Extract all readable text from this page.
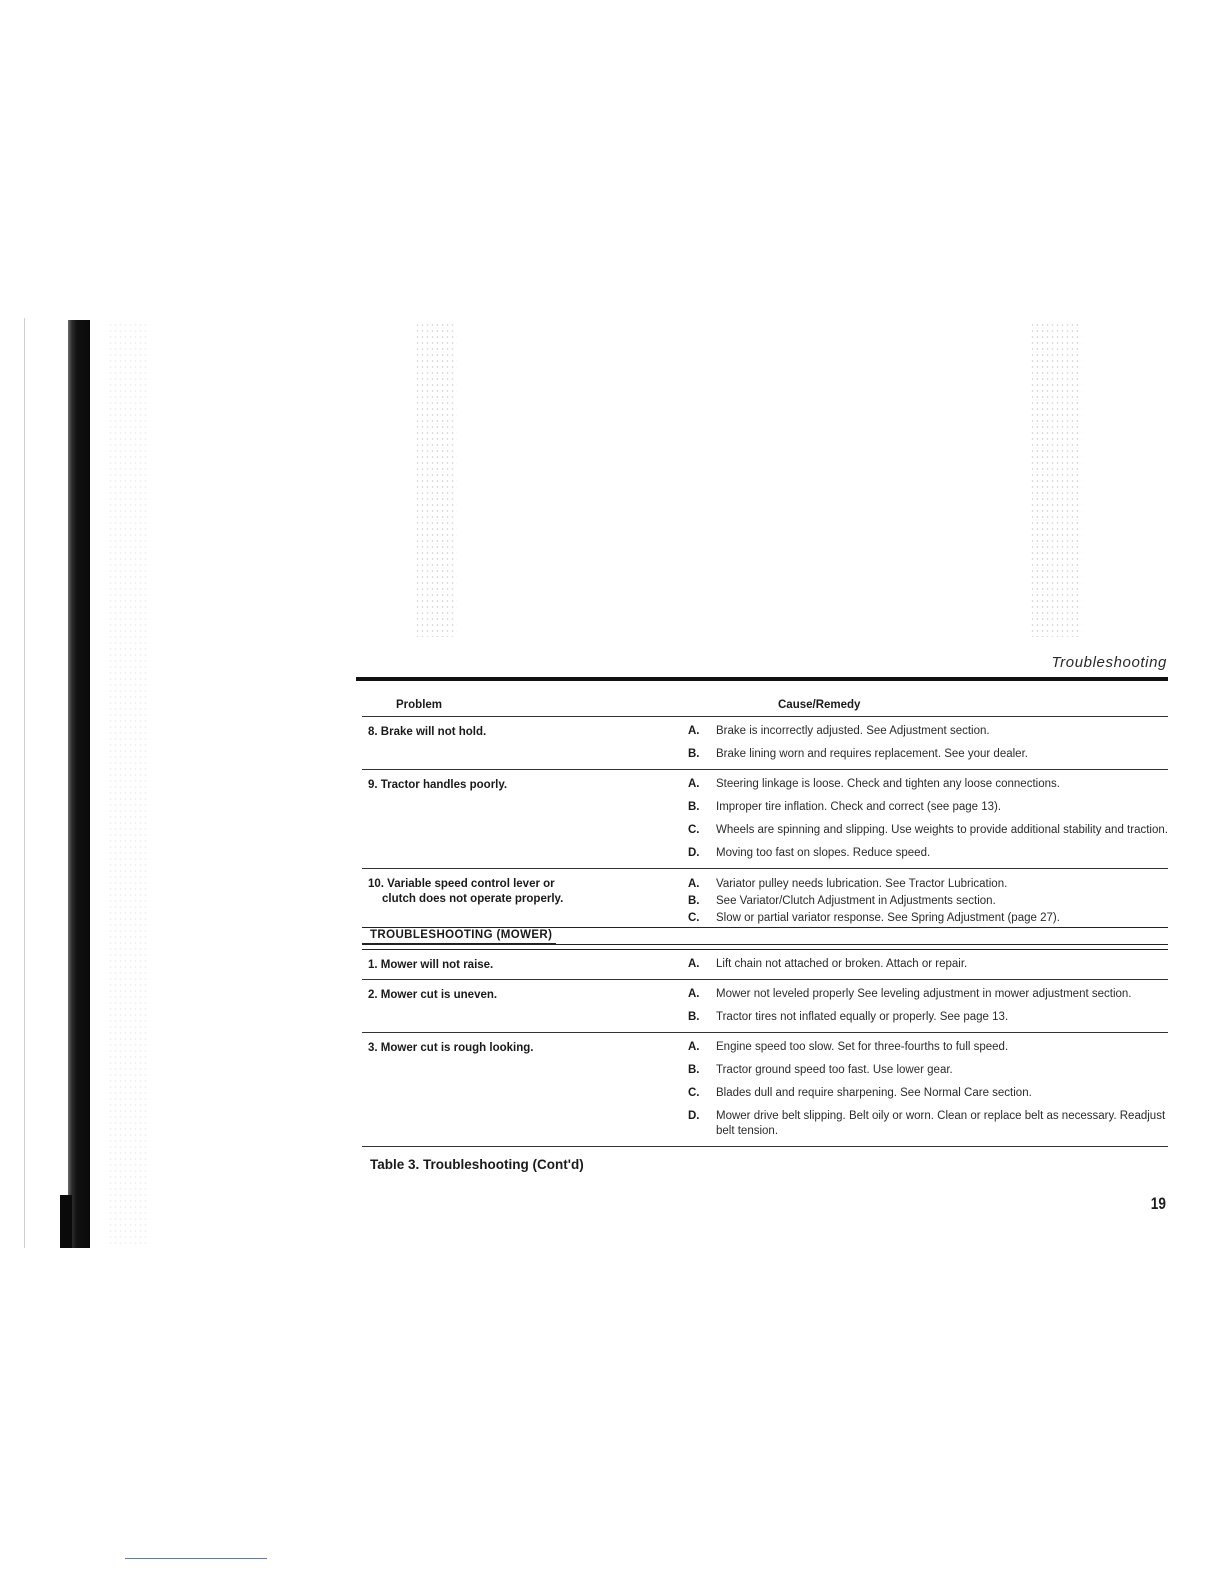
Troubleshooting
Problem	Cause/Remedy
8. Brake will not hold.	A.	Brake is incorrectly adjusted. See Adjustment section.
B.	Brake lining worn and requires replacement. See your dealer.
9. Tractor handles poorly.	A.	Steering linkage is loose. Check and tighten any loose connections.
B.	Improper tire inflation. Check and correct (see page 13).
C.	Wheels are spinning and slipping. Use weights to provide additional stability and traction.
D.	Moving too fast on slopes. Reduce speed.
10. Variable speed control lever or
clutch does not operate properly.
A.	Variator pulley needs lubrication. See Tractor Lubrication.
B.	See Variator/Clutch Adjustment in Adjustments section.
C.	Slow or partial variator response. See Spring Adjustment (page 27).
TROUBLESHOOTING (MOWER)
1. Mower will not raise.	A.	Lift chain not attached or broken. Attach or repair.
2. Mower cut is uneven.	A.	Mower not leveled properly See leveling adjustment in mower adjustment section.
B.	Tractor tires not inflated equally or properly. See page 13.
3. Mower cut is rough looking.	A.	Engine speed too slow. Set for three-fourths to full speed.
B.	Tractor ground speed too fast. Use lower gear.
C.	Blades dull and require sharpening. See Normal Care section.
D.	Mower drive belt slipping. Belt oily or worn. Clean or replace belt as necessary. Readjust belt tension.
Table 3. Troubleshooting (Cont'd)
19
